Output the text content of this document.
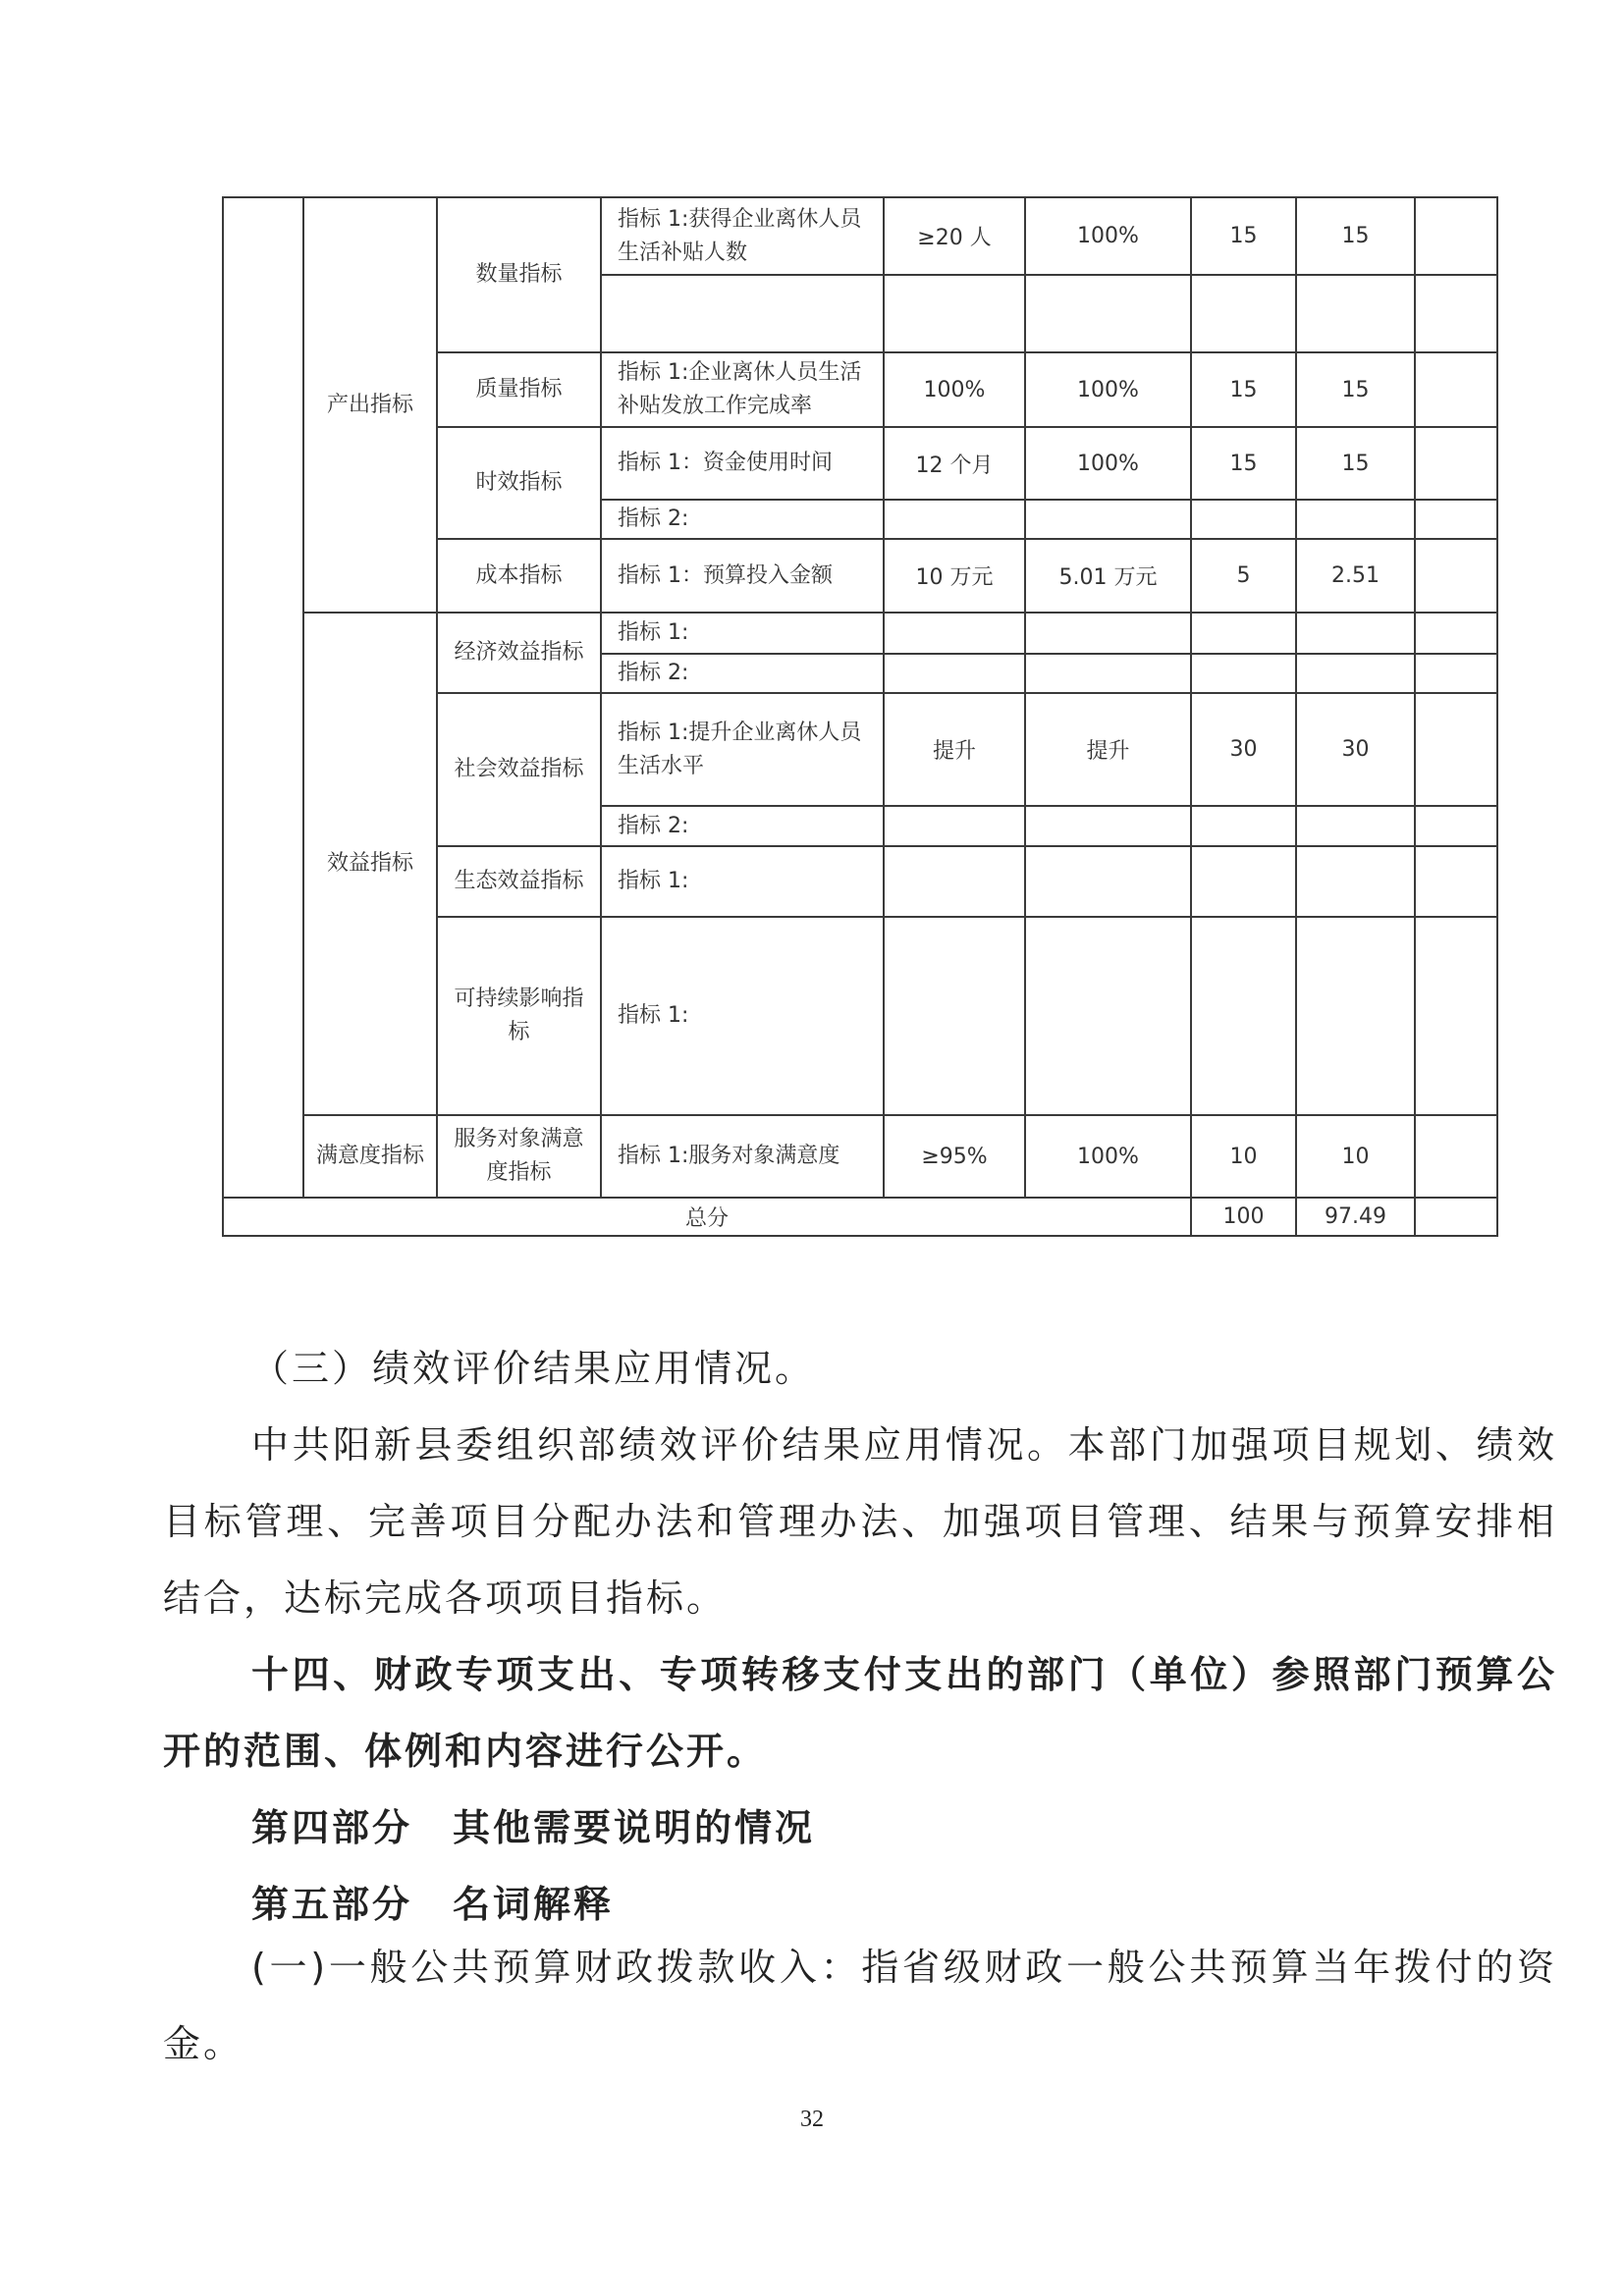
	产出指标	数量指标	指标 1:获得企业离休人员生活补贴人数	≥20 人	100%	15	15	

		质量指标	指标 1:企业离休人员生活补贴发放工作完成率	100%	100%	15	15	
		时效指标	指标 1：资金使用时间	12 个月	100%	15	15	
			指标 2:					
		成本指标	指标 1：预算投入金额	10 万元	5.01 万元	5	2.51	
	效益指标	经济效益指标	指标 1:					
			指标 2:					
		社会效益指标	指标 1:提升企业离休人员生活水平	提升	提升	30	30	
			指标 2:					
		生态效益指标	指标 1:					
		可持续影响指标	指标 1:					
	满意度指标	服务对象满意度指标	指标 1:服务对象满意度	≥95%	100%	10	10	
总分						100	97.49	
（三）绩效评价结果应用情况。
中共阳新县委组织部绩效评价结果应用情况。本部门加强项目规划、绩效目标管理、完善项目分配办法和管理办法、加强项目管理、结果与预算安排相结合，达标完成各项项目指标。
十四、财政专项支出、专项转移支付支出的部门（单位）参照部门预算公开的范围、体例和内容进行公开。
第四部分　其他需要说明的情况
第五部分　名词解释
(一)一般公共预算财政拨款收入：指省级财政一般公共预算当年拨付的资金。
32
